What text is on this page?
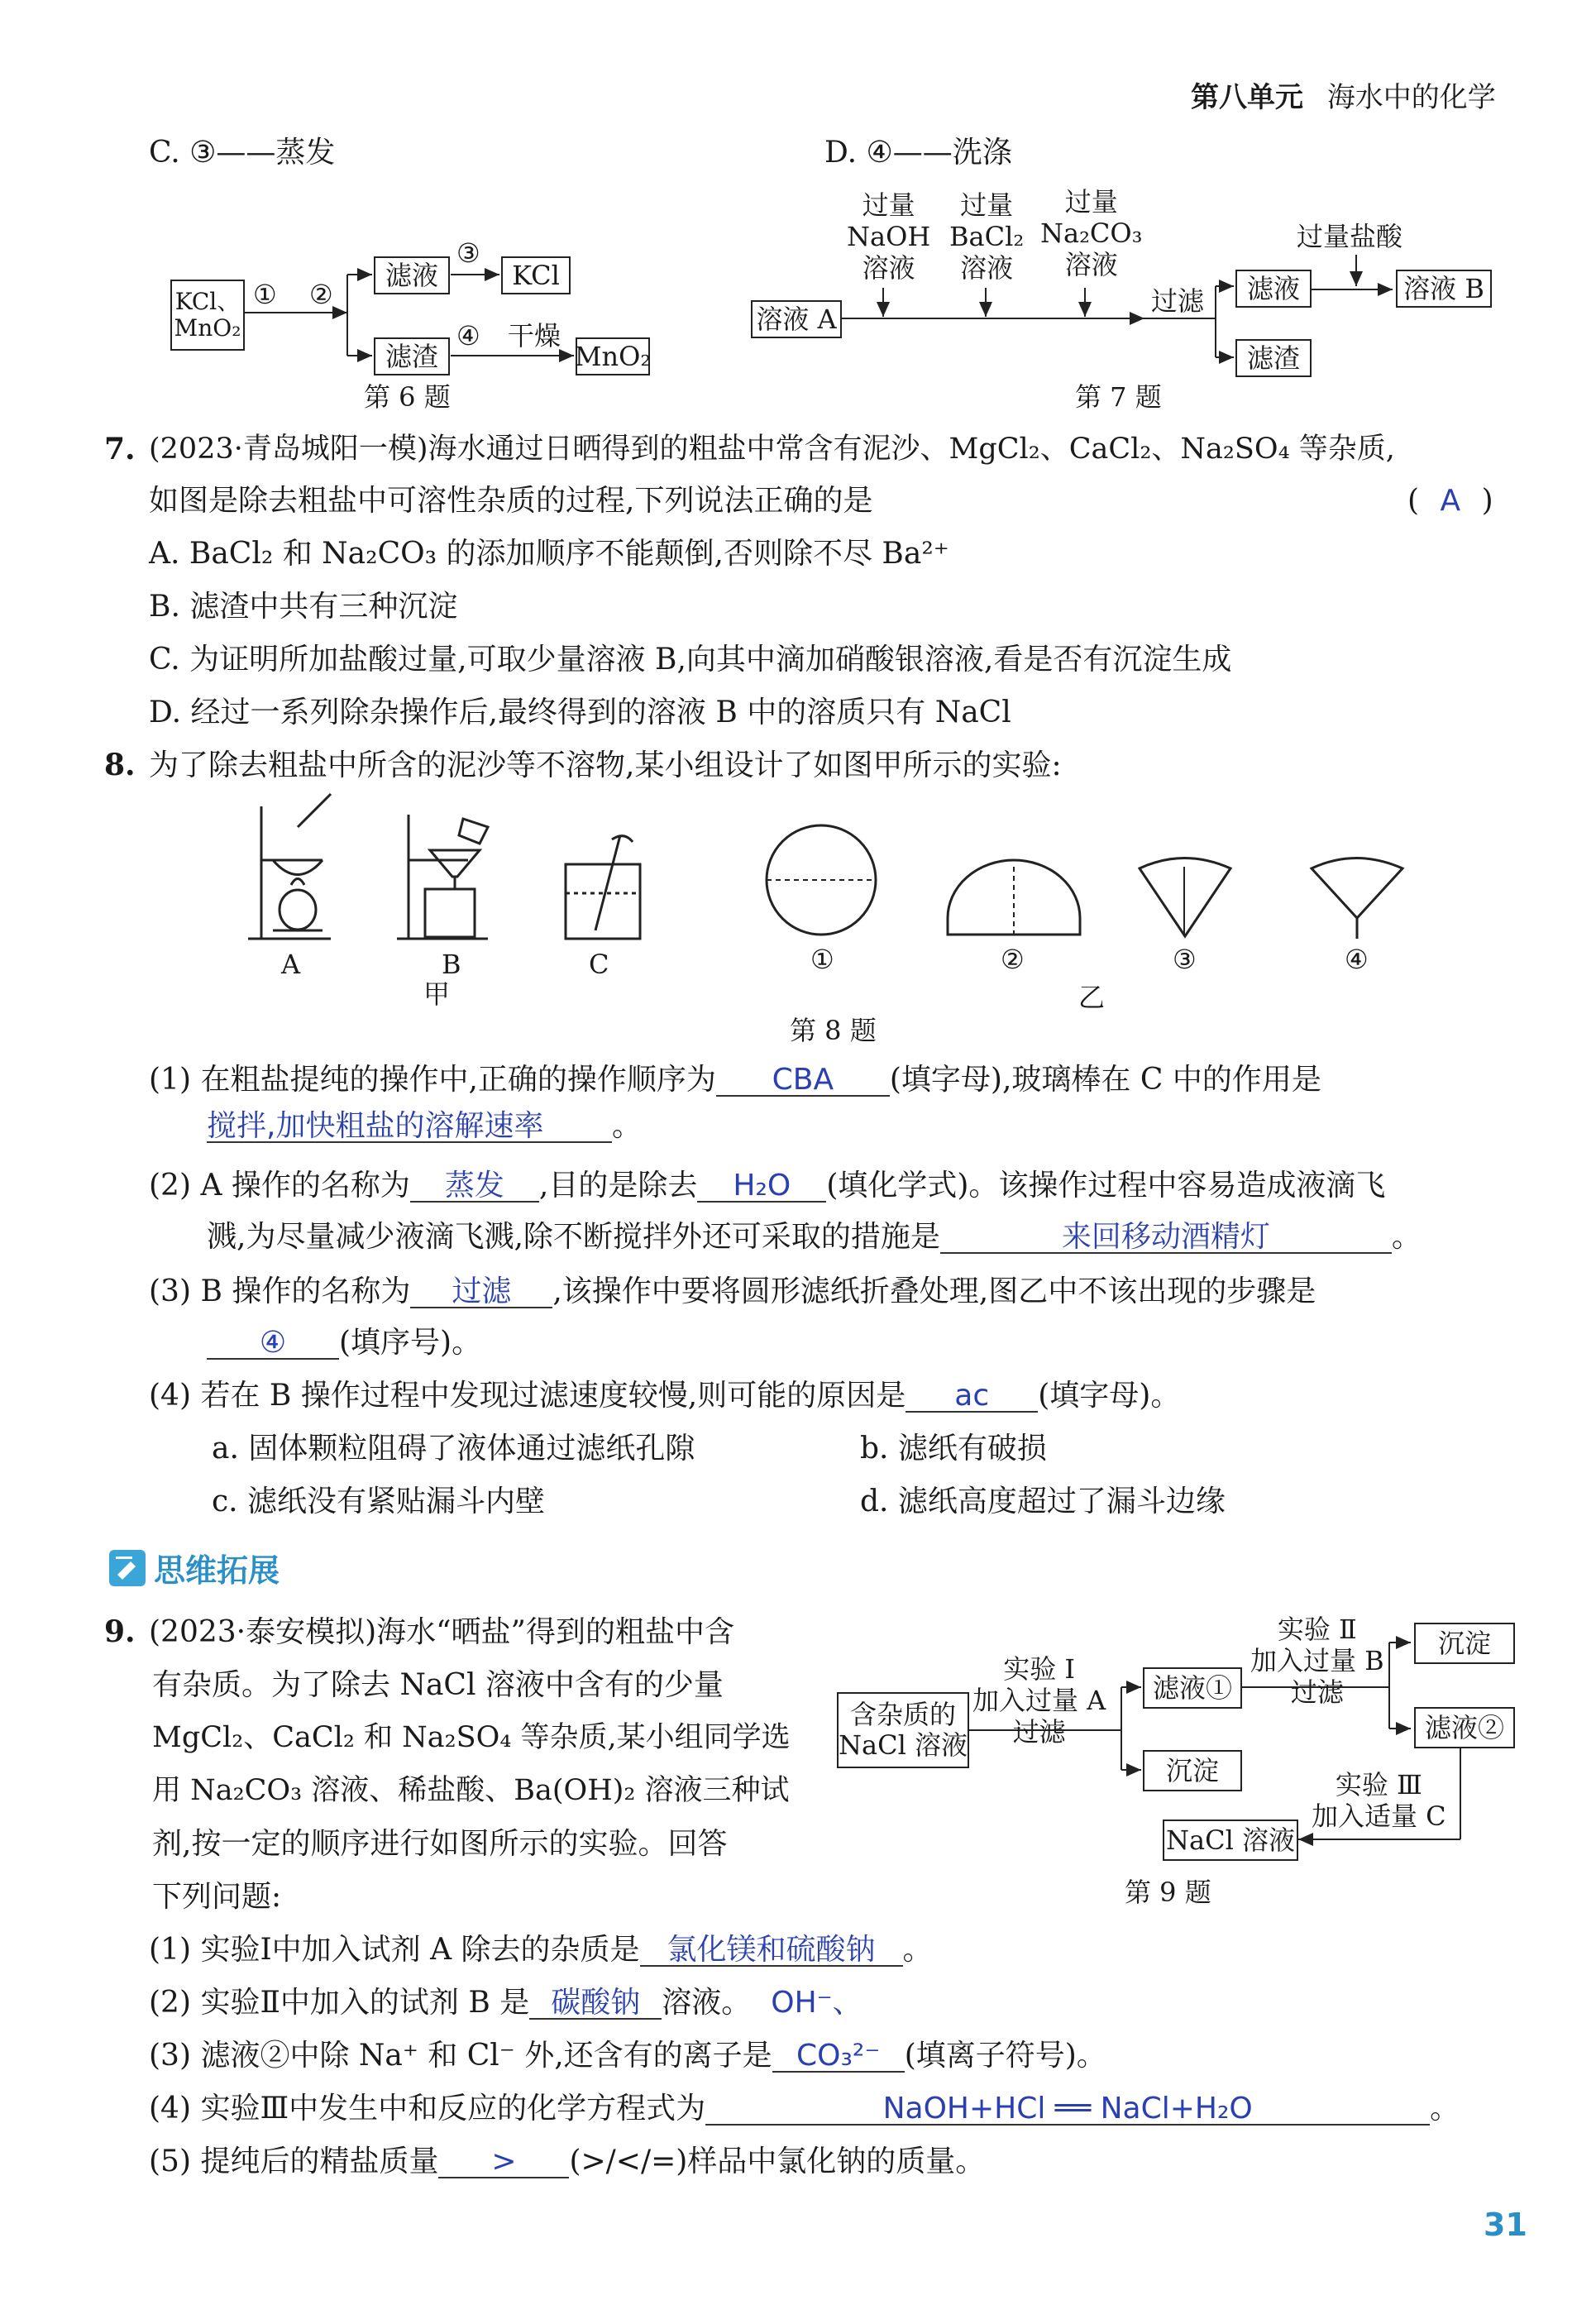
第八单元 海水中的化学
C. ③——蒸发	D. ④——洗涤
KCl、MnO₂
① ②
滤液
滤渣
③
④ 干燥
KCl
MnO₂
第 6 题
过量
NaOH
溶液
过量
BaCl₂
溶液
过量
Na₂CO₃
溶液
溶液 A
过滤	滤液
滤渣
过量盐酸
溶液 B
第 7 题
7. (2023·青岛城阳一模)海水通过日晒得到的粗盐中常含有泥沙、MgCl₂、CaCl₂、Na₂SO₄ 等杂质,
如图是除去粗盐中可溶性杂质的过程,下列说法正确的是	( A )
A. BaCl₂ 和 Na₂CO₃ 的添加顺序不能颠倒,否则除不尽 Ba²⁺
B. 滤渣中共有三种沉淀
C. 为证明所加盐酸过量,可取少量溶液 B,向其中滴加硝酸银溶液,看是否有沉淀生成
D. 经过一系列除杂操作后,最终得到的溶液 B 中的溶质只有 NaCl
8. 为了除去粗盐中所含的泥沙等不溶物,某小组设计了如图甲所示的实验:
A	B	C
甲
①	②	③	④
乙
第 8 题
(1) 在粗盐提纯的操作中,正确的操作顺序为 CBA (填字母),玻璃棒在 C 中的作用是
搅拌,加快粗盐的溶解速率 。
(2) A 操作的名称为 蒸发 ,目的是除去 H₂O (填化学式)。该操作过程中容易造成液滴飞
溅,为尽量减少液滴飞溅,除不断搅拌外还可采取的措施是	来回移动酒精灯	。
(3) B 操作的名称为 过滤 ,该操作中要将圆形滤纸折叠处理,图乙中不该出现的步骤是
④ (填序号)。
(4) 若在 B 操作过程中发现过滤速度较慢,则可能的原因是 ac (填字母)。
a. 固体颗粒阻碍了液体通过滤纸孔隙	b. 滤纸有破损
c. 滤纸没有紧贴漏斗内壁	d. 滤纸高度超过了漏斗边缘
思维拓展
9. (2023·泰安模拟)海水“晒盐”得到的粗盐中含
有杂质。为了除去 NaCl 溶液中含有的少量
MgCl₂、CaCl₂ 和 Na₂SO₄ 等杂质,某小组同学选
用 Na₂CO₃ 溶液、稀盐酸、Ba(OH)₂ 溶液三种试
剂,按一定的顺序进行如图所示的实验。回答
下列问题:
含杂质的
NaCl 溶液
实验 Ⅰ
加入过量 A
过滤
滤液①
沉淀
实验 Ⅱ
加入过量 B
过滤
沉淀
滤液②
实验 Ⅲ
加入适量 C
NaCl 溶液
第 9 题
(1) 实验Ⅰ中加入试剂 A 除去的杂质是 氯化镁和硫酸钠 。
(2) 实验Ⅱ中加入的试剂 B 是 碳酸钠 溶液。 OH⁻、
(3) 滤液②中除 Na⁺ 和 Cl⁻ 外,还含有的离子是 CO₃²⁻ (填离子符号)。
(4) 实验Ⅲ中发生中和反应的化学方程式为	NaOH+HCl ══ NaCl+H₂O	。
(5) 提纯后的精盐质量 > (>/</=)样品中氯化钠的质量。
31
